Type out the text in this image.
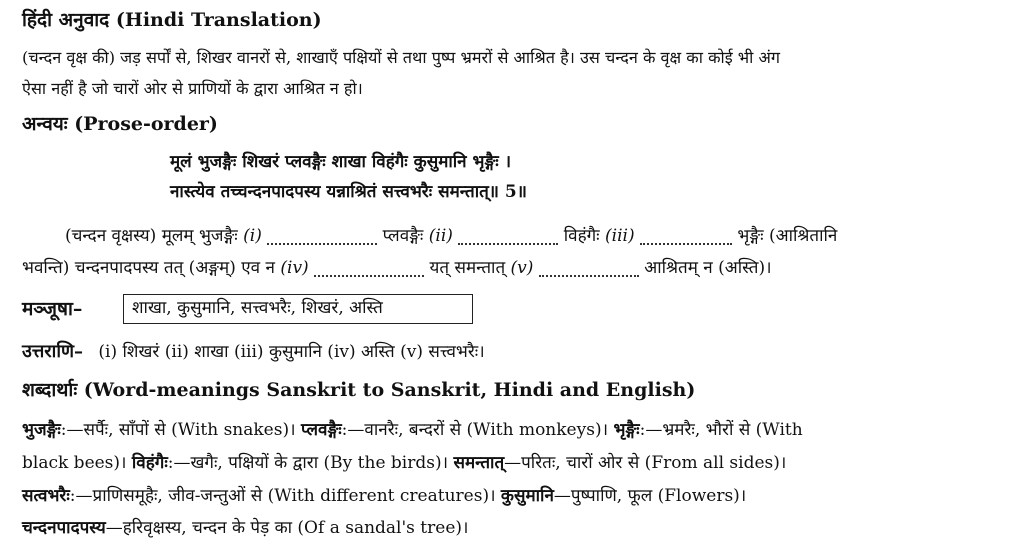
हिंदी अनुवाद (Hindi Translation)
(चन्दन वृक्ष की) जड़ सर्पों से, शिखर वानरों से, शाखाएँ पक्षियों से तथा पुष्प भ्रमरों से आश्रित है। उस चन्दन के वृक्ष का कोई भी अंग
ऐसा नहीं है जो चारों ओर से प्राणियों के द्वारा आश्रित न हो।
अन्वयः (Prose-order)
मूलं भुजङ्गैः शिखरं प्लवङ्गैः शाखा विहंगैः कुसुमानि भृङ्गैः ।
नास्त्येव तच्चन्दनपादपस्य यन्नाश्रितं सत्त्वभरैः समन्तात्॥ 5॥
(चन्दन वृक्षस्य) मूलम् भुजङ्गैः (i)	प्लवङ्गैः (ii)	विहंगैः (iii)	भृङ्गैः (आश्रितानि
भवन्ति) चन्दनपादपस्य तत् (अङ्गम्) एव न (iv)	यत् समन्तात् (v)	आश्रितम् न (अस्ति)।
मञ्जूषा–	शाखा, कुसुमानि, सत्त्वभरैः, शिखरं, अस्ति
उत्तराणि– (i) शिखरं (ii) शाखा (iii) कुसुमानि (iv) अस्ति (v) सत्त्वभरैः।
शब्दार्थाः (Word-meanings Sanskrit to Sanskrit, Hindi and English)
भुजङ्गैः:—सर्पैः, साँपों से (With snakes)। प्लवङ्गैः:—वानरैः, बन्दरों से (With monkeys)। भृङ्गैः:—भ्रमरैः, भौरों से (With
black bees)। विहंगैः:—खगैः, पक्षियों के द्वारा (By the birds)। समन्तात्—परितः, चारों ओर से (From all sides)।
सत्वभरैः:—प्राणिसमूहैः, जीव-जन्तुओं से (With different creatures)। कुसुमानि—पुष्पाणि, फूल (Flowers)।
चन्दनपादपस्य—हरिवृक्षस्य, चन्दन के पेड़ का (Of a sandal's tree)।
